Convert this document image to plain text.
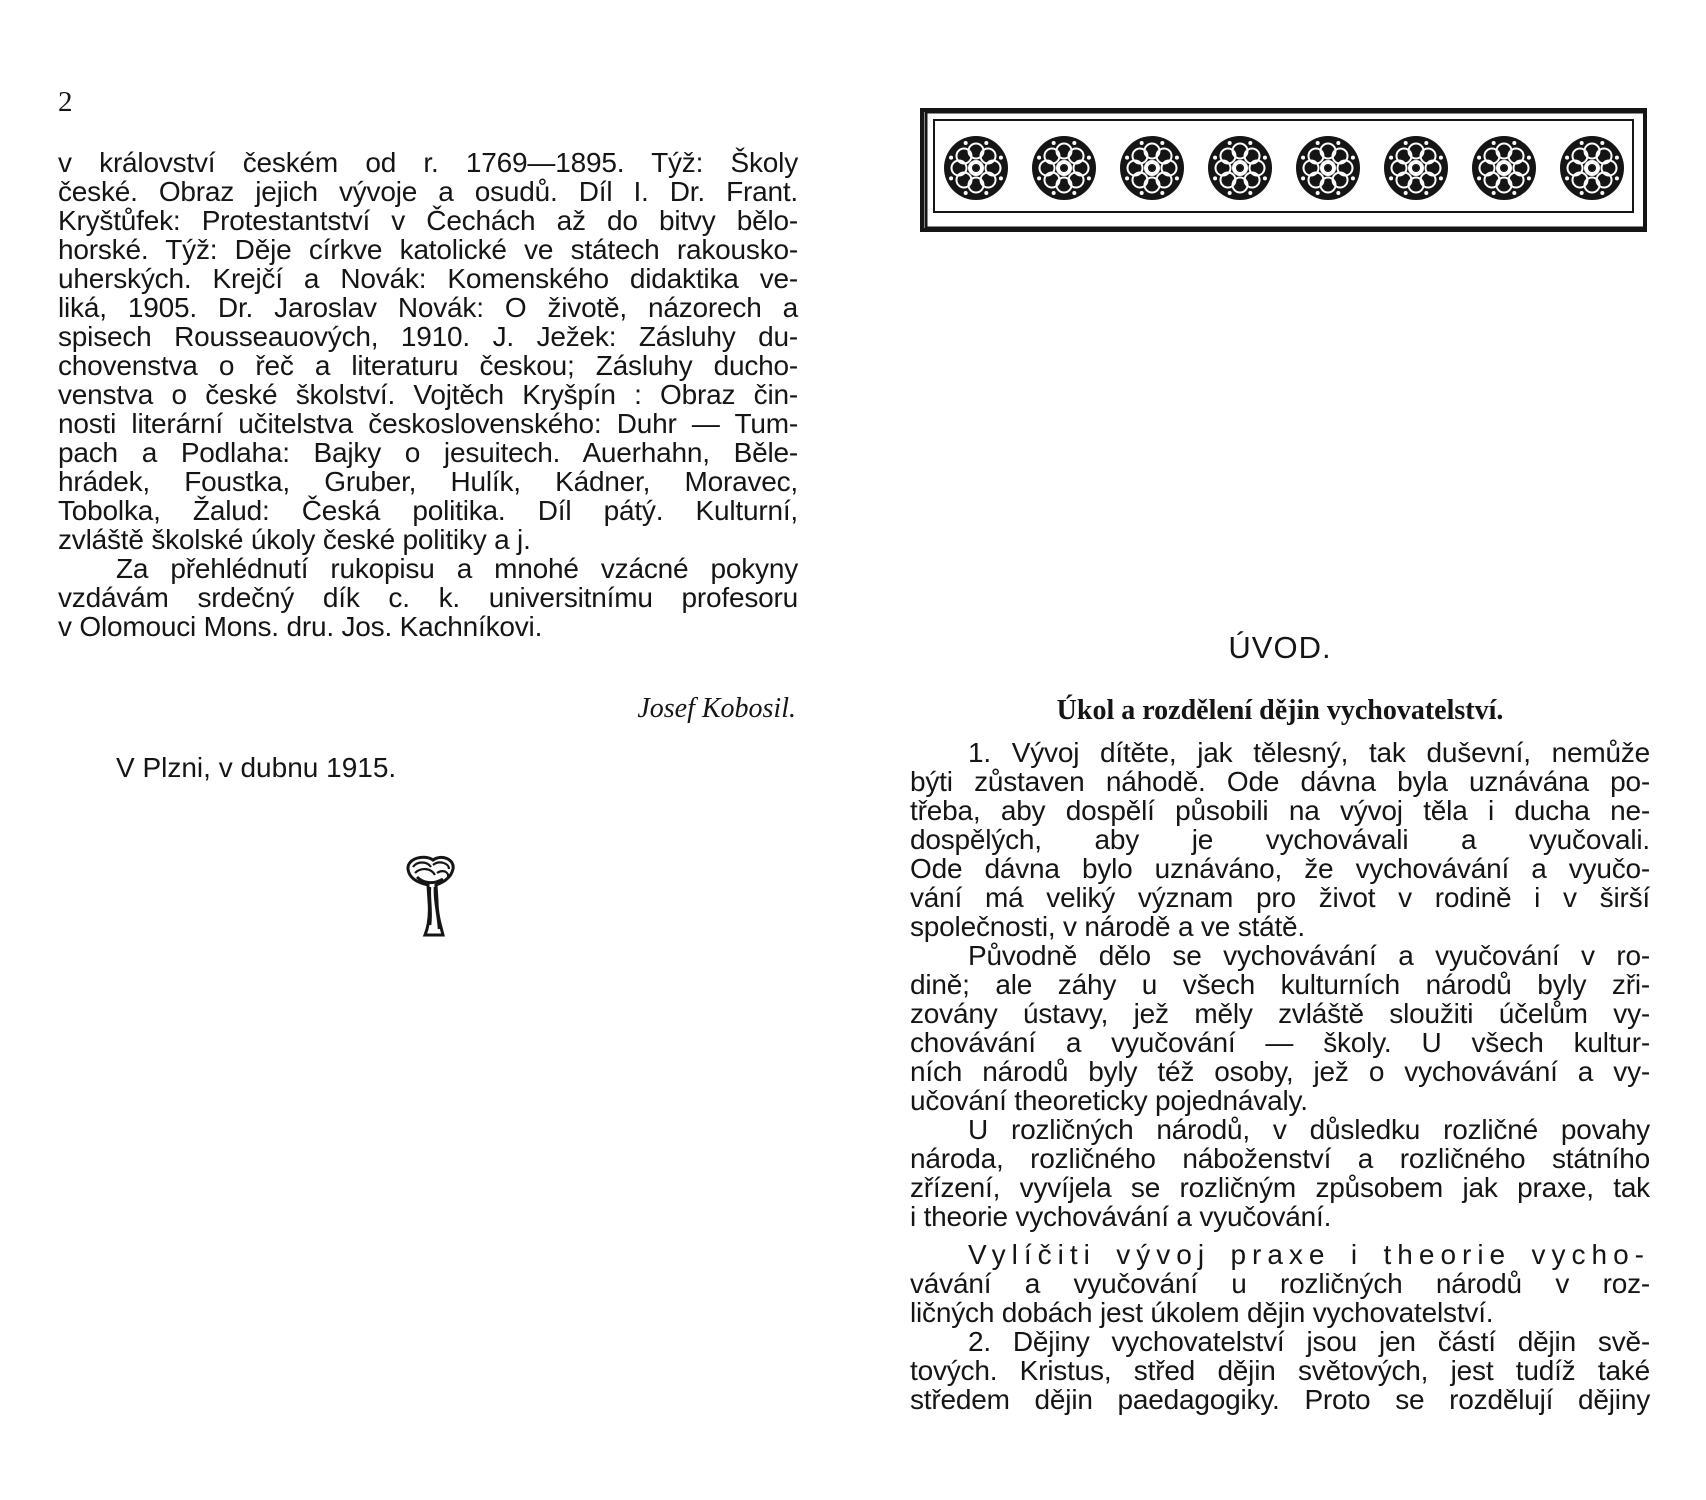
2
v království českém od r. 1769—1895. Týž: Školy
české. Obraz jejich vývoje a osudů. Díl I. Dr. Frant.
Kryštůfek: Protestantství v Čechách až do bitvy bělo-
horské. Týž: Děje církve katolické ve státech rakousko-
uherských. Krejčí a Novák: Komenského didaktika ve-
liká, 1905. Dr. Jaroslav Novák: O životě, názorech a
spisech Rousseauových, 1910. J. Ježek: Zásluhy du-
chovenstva o řeč a literaturu českou; Zásluhy ducho-
venstva o české školství. Vojtěch Kryšpín : Obraz čin-
nosti literární učitelstva československého: Duhr — Tum-
pach a Podlaha: Bajky o jesuitech. Auerhahn, Běle-
hrádek, Foustka, Gruber, Hulík, Kádner, Moravec,
Tobolka, Žalud: Česká politika. Díl pátý. Kulturní,
zvláště školské úkoly české politiky a j.
Za přehlédnutí rukopisu a mnohé vzácné pokyny
vzdávám srdečný dík c. k. universitnímu profesoru
v Olomouci Mons. dru. Jos. Kachníkovi.
Josef Kobosil.
V Plzni, v dubnu 1915.
ÚVOD.
Úkol a rozdělení dějin vychovatelství.
1. Vývoj dítěte, jak tělesný, tak duševní, nemůže
býti zůstaven náhodě. Ode dávna byla uznávána po-
třeba, aby dospělí působili na vývoj těla i ducha ne-
dospělých, aby je vychovávali a vyučovali.
Ode dávna bylo uznáváno, že vychovávání a vyučo-
vání má veliký význam pro život v rodině i v širší
společnosti, v národě a ve státě.
Původně dělo se vychovávání a vyučování v ro-
dině; ale záhy u všech kulturních národů byly zři-
zovány ústavy, jež měly zvláště sloužiti účelům vy-
chovávání a vyučování — školy. U všech kultur-
ních národů byly též osoby, jež o vychovávání a vy-
učování theoreticky pojednávaly.
U rozličných národů, v důsledku rozličné povahy
národa, rozličného náboženství a rozličného státního
zřízení, vyvíjela se rozličným způsobem jak praxe, tak
i theorie vychovávání a vyučování.
Vylíčiti vývoj praxe i theorie vycho-
vávání a vyučování u rozličných národů v roz-
ličných dobách jest úkolem dějin vychovatelství.
2. Dějiny vychovatelství jsou jen částí dějin svě-
tových. Kristus, střed dějin světových, jest tudíž také
středem dějin paedagogiky. Proto se rozdělují dějiny
